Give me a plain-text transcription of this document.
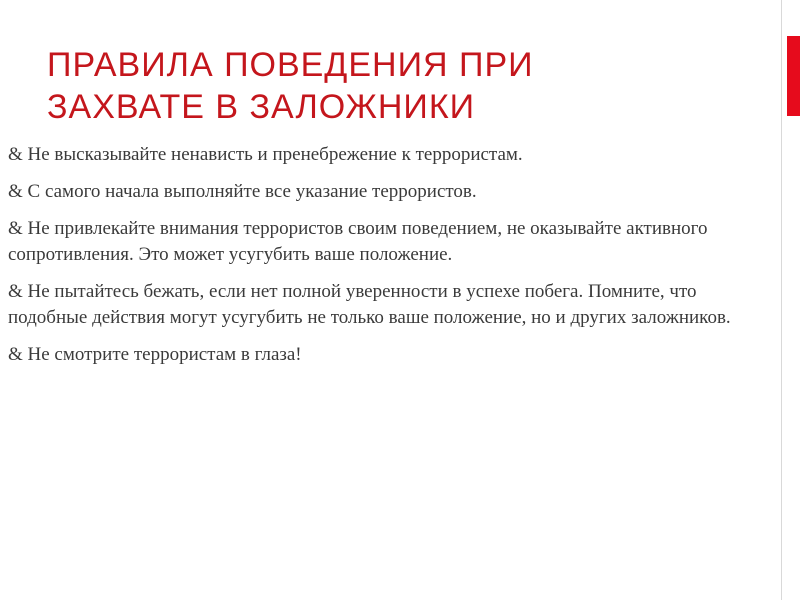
ПРАВИЛА ПОВЕДЕНИЯ ПРИ
ЗАХВАТЕ В ЗАЛОЖНИКИ
& Не высказывайте ненависть и пренебрежение к террористам.
& С самого начала выполняйте все указание террористов.
& Не привлекайте внимания террористов своим поведением, не оказывайте активного сопротивления. Это может усугубить ваше положение.
& Не пытайтесь бежать, если нет полной уверенности в успехе побега. Помните, что подобные действия могут усугубить не только ваше положение, но и других заложников.
& Не смотрите террористам в глаза!
